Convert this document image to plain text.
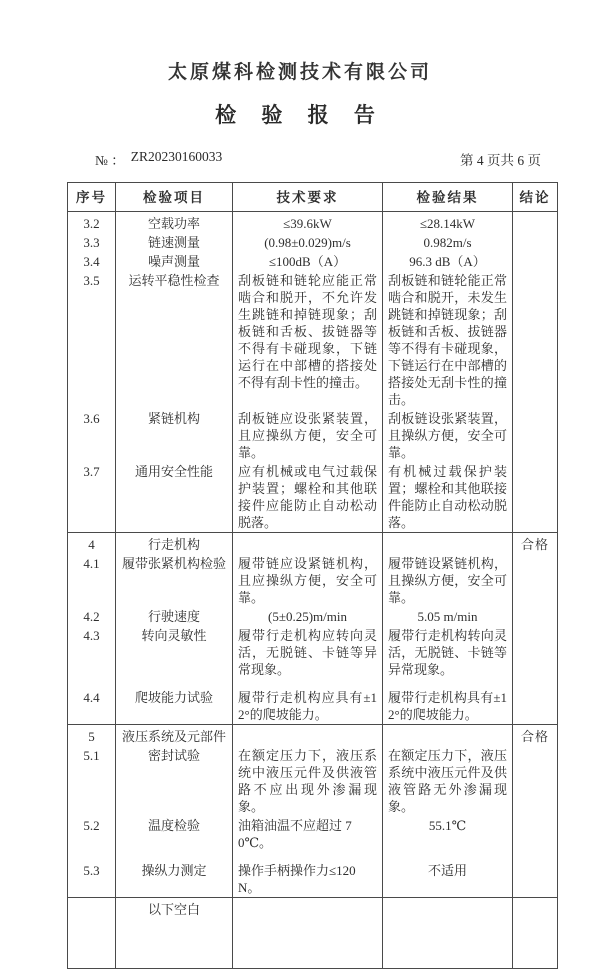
太原煤科检测技术有限公司
检 验 报 告
№ ： ZR20230160033	第 4 页共 6 页
序号	检验项目	技术要求	检验结果	结论
3.2	空载功率	≤39.6kW	≤28.14kW	
3.3	链速测量	(0.98±0.029)m/s	0.982m/s	
3.4	噪声测量	≤100dB（A）	96.3 dB（A）	
3.5	运转平稳性检查	刮板链和链轮应能正常啮合和脱开，不允许发生跳链和掉链现象；刮板链和舌板、拔链器等不得有卡碰现象，下链运行在中部槽的搭接处不得有刮卡性的撞击。	刮板链和链轮能正常啮合和脱开，未发生跳链和掉链现象；刮板链和舌板、拔链器等不得有卡碰现象，下链运行在中部槽的搭接处无刮卡性的撞击。	
3.6	紧链机构	刮板链应设张紧装置，且应操纵方便，安全可靠。	刮板链设张紧装置，且操纵方便，安全可靠。	
3.7	通用安全性能	应有机械或电气过载保护装置；螺栓和其他联接件应能防止自动松动脱落。	有机械过载保护装置；螺栓和其他联接件能防止自动松动脱落。	
4	行走机构			合格
4.1	履带张紧机构检验	履带链应设紧链机构，且应操纵方便，安全可靠。	履带链设紧链机构，且操纵方便，安全可靠。	
4.2	行驶速度	(5±0.25)m/min	5.05 m/min	
4.3	转向灵敏性	履带行走机构应转向灵活，无脱链、卡链等异常现象。	履带行走机构转向灵活，无脱链、卡链等异常现象。	
4.4	爬坡能力试验	履带行走机构应具有±12°的爬坡能力。	履带行走机构具有±12°的爬坡能力。	
5	液压系统及元部件			合格
5.1	密封试验	在额定压力下，液压系统中液压元件及供液管路不应出现外渗漏现象。	在额定压力下，液压系统中液压元件及供液管路无外渗漏现象。	
5.2	温度检验	油箱油温不应超过 70℃。	55.1℃	
5.3	操纵力测定	操作手柄操作力≤120N。	不适用	
	以下空白			
